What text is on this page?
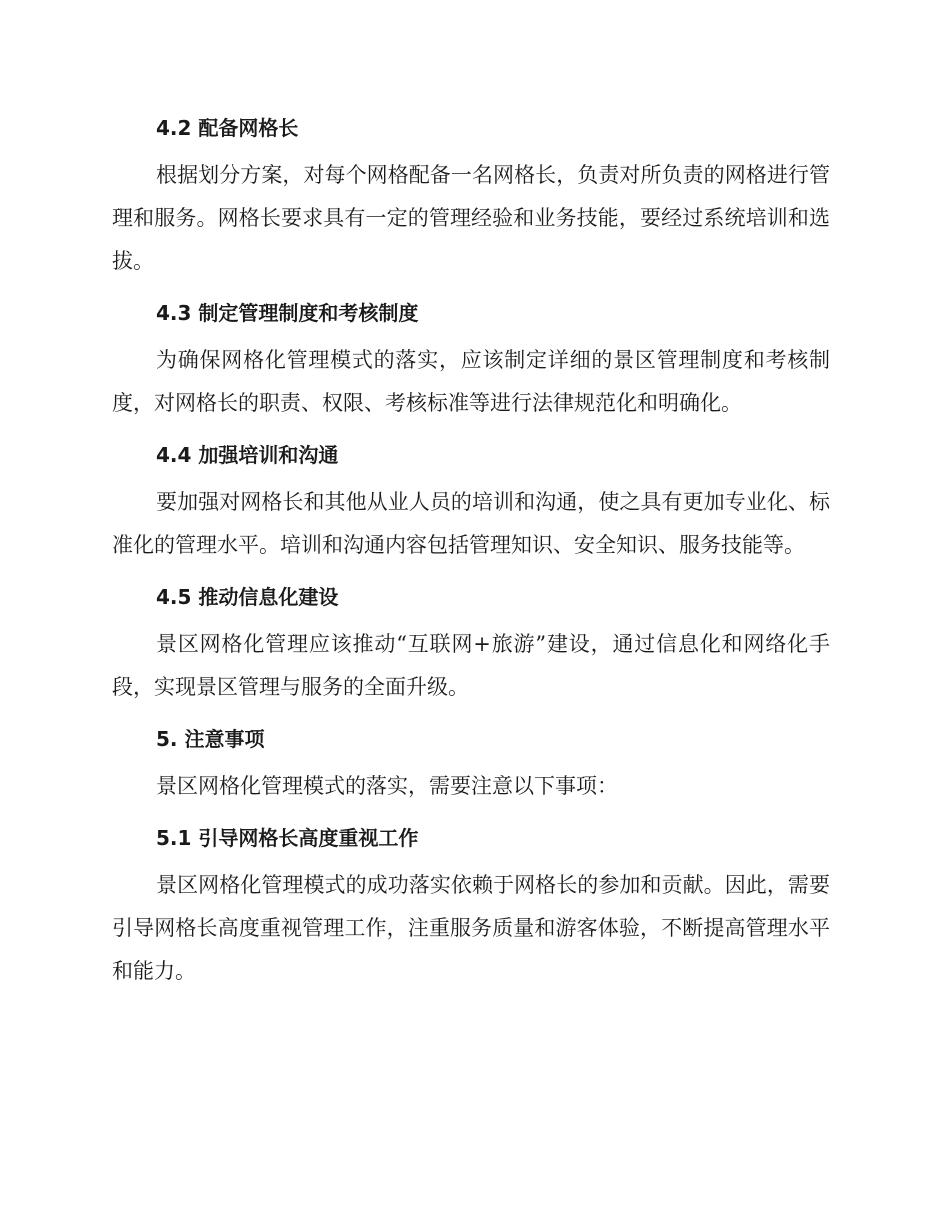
4.2 配备网格长

根据划分方案，对每个网格配备一名网格长，负责对所负责的网格进行管理和服务。网格长要求具有一定的管理经验和业务技能，要经过系统培训和选拔。

4.3 制定管理制度和考核制度

为确保网格化管理模式的落实，应该制定详细的景区管理制度和考核制度，对网格长的职责、权限、考核标准等进行法律规范化和明确化。

4.4 加强培训和沟通

要加强对网格长和其他从业人员的培训和沟通，使之具有更加专业化、标准化的管理水平。培训和沟通内容包括管理知识、安全知识、服务技能等。

4.5 推动信息化建设

景区网格化管理应该推动“互联网+旅游”建设，通过信息化和网络化手段，实现景区管理与服务的全面升级。

5. 注意事项

景区网格化管理模式的落实，需要注意以下事项：

5.1 引导网格长高度重视工作

景区网格化管理模式的成功落实依赖于网格长的参加和贡献。因此，需要引导网格长高度重视管理工作，注重服务质量和游客体验，不断提高管理水平和能力。
